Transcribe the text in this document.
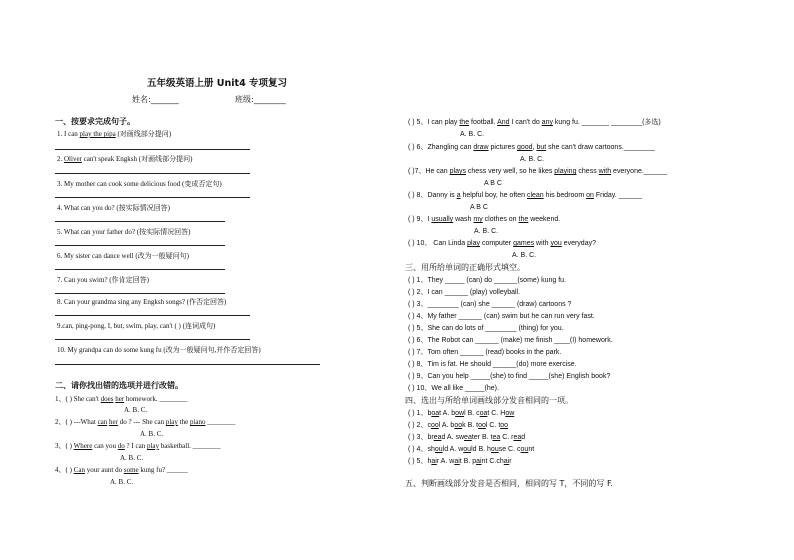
五年级英语上册 Unit4 专项复习
姓名:_______	班级:________
一、按要求完成句子。
1. I can play the pipa (对画线部分提问)
2. Oliver can't speak Engksh (对画线部分提问)
3. My mother can cook some delicious food (变成否定句)
4. What can you do? (按实际情况回答)
5. What can your father do? (按实际情况回答)
6. My sister can dance well (改为一般疑问句)
7. Can you swim? (作肯定回答)
8. Can your grandma sing any Engksh songs? (作否定回答)
9.can, ping-pong, I, but, swim, play, can't ( ) (连词成句)
10. My grandpa can do some kung fu (改为一般疑问句,并作否定回答)
二、请你找出错的选项并进行改错。
1、( ) She can't does her homework. ________
A. B. C.
2、( ) ---What can her do ? --- She can play the piano ________
A. B. C.
3、( ) Where can you do ? I can play basketball. ________
A. B. C.
4、( ) Can your aunt do some kung fu? ______
A. B. C.
( ) 5、I can play the football. And I can't do any kung fu. _______ ________(多选)
A. B. C.
( ) 6、Zhangling can draw pictures good, but she can't draw cartoons.________
A. B. C.
( )7、He can plays chess very well, so he likes playing chess with everyone.______
A B C
( ) 8、Danny is a helpful boy, he often clean his bedroom on Friday. ______
A B C
( ) 9、I usually wash my clothes on the weekend.
A. B. C.
( ) 10、 Can Linda play computer games with you everyday?
A. B. C.
三、用所给单词的正确形式填空。
( ) 1、They _____ (can) do ______(some) kung fu.
( ) 2、I can ______ (play) volleyball.
( ) 3、________ (can) she ______ (draw) cartoons ?
( ) 4、My father ______ (can) swim but he can run very fast.
( ) 5、She can do lots of ________ (thing) for you.
( ) 6、The Robot can ______ (make) me finish ____(I) homework.
( ) 7、Tom often ______ (read) books in the park.
( ) 8、Tim is fat. He should ______(do) more exercise.
( ) 9、Can you help _____(she) to find _____(she) English book?
( ) 10、We all like _____(he).
四、选出与所给单词画线部分发音相同的一项。
( ) 1、boat A. bowl B. coat C. How
( ) 2、cool A. book B. tool C. too
( ) 3、bread A. sweater B. tea C. read
( ) 4、should A. would B. house C. count
( ) 5、hair A. wait B. paint C.chair
五、判断画线部分发音是否相同，相同的写 T，不同的写 F.
